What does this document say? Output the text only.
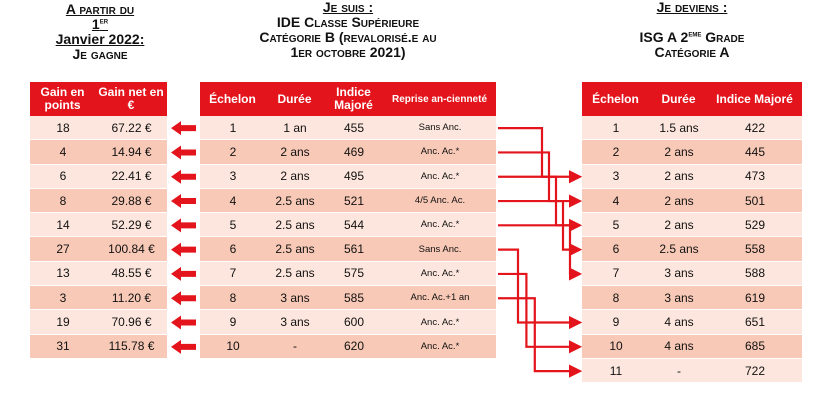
A partir du
1er
Janvier 2022:
Je gagne
Je suis :
IDE Classe Supérieure
Catégorie B (revalorisé.e au
1er octobre 2021)
Je deviens :
ISG A 2eme Grade
Catégorie A
Gain en points	Gain net en €
18	67.22 €
4	14.94 €
6	22.41 €
8	29.88 €
14	52.29 €
27	100.84 €
13	48.55 €
3	11.20 €
19	70.96 €
31	115.78 €
Échelon	Durée	Indice Majoré	Reprise an-cienneté
1	1 an	455	Sans Anc.
2	2 ans	469	Anc. Ac.*
3	2 ans	495	Anc. Ac.*
4	2.5 ans	521	4/5 Anc. Ac.
5	2.5 ans	544	Anc. Ac.*
6	2.5 ans	561	Sans Anc.
7	2.5 ans	575	Anc. Ac.*
8	3 ans	585	Anc. Ac.+1 an
9	3 ans	600	Anc. Ac.*
10	-	620	Anc. Ac.*
Échelon	Durée	Indice Majoré
1	1.5 ans	422
2	2 ans	445
3	2 ans	473
4	2 ans	501
5	2 ans	529
6	2.5 ans	558
7	3 ans	588
8	3 ans	619
9	4 ans	651
10	4 ans	685
11	-	722
